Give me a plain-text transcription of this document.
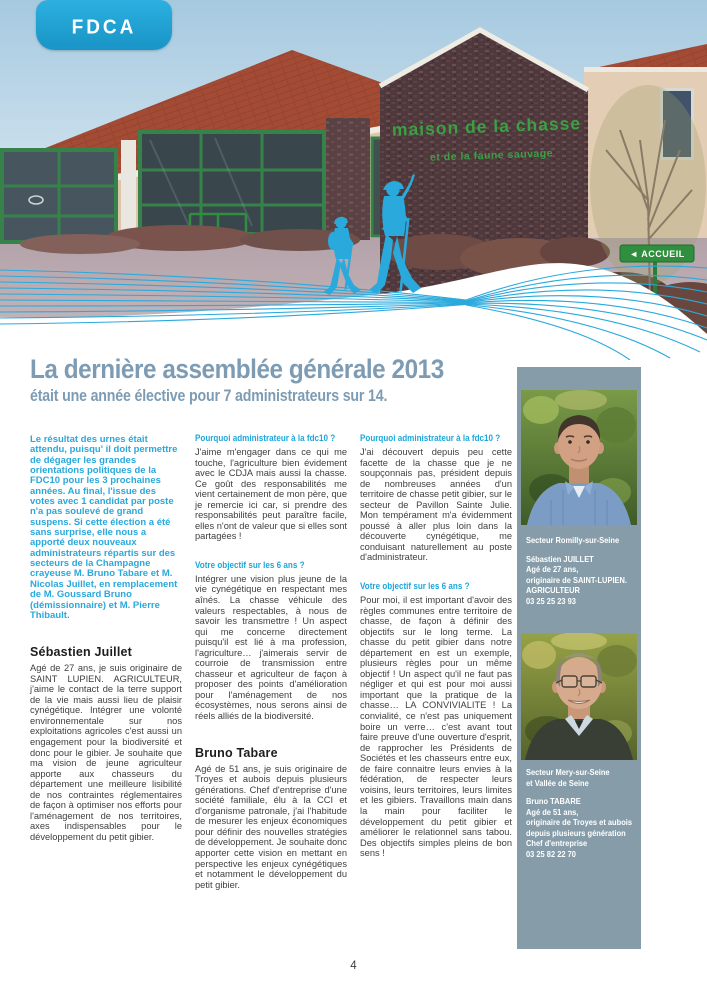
maison de la chasse
et de la faune sauvage
◄ ACCUEIL
FDCA
La dernière assemblée générale 2013
était une année élective pour 7 administrateurs sur 14.

Le résultat des urnes était attendu, puisqu' il doit permettre de dégager les grandes orientations politiques de la FDC10 pour les 3 prochaines années. Au final, l'issue des votes avec 1 candidat par poste n'a pas soulevé de grand suspens. Si cette élection a été sans surprise, elle nous a apporté deux nouveaux administrateurs répartis sur des secteurs de la Champagne crayeuse M. Bruno Tabare et M. Nicolas Juillet, en remplacement de M. Goussard Bruno (démissionnaire) et M. Pierre Thibault.

Sébastien Juillet

Agé de 27 ans, je suis originaire de SAINT LUPIEN. AGRICULTEUR, j'aime le contact de la terre support de la vie mais aussi lieu de plaisir cynégétique. Intégrer une volonté environnementale sur nos exploitations agricoles c'est aussi un engagement pour la biodiversité et donc pour le gibier. Je souhaite que ma vision de jeune agriculteur apporte aux chasseurs du département une meilleure lisibilité de nos contraintes réglementaires de façon à optimiser nos efforts pour l'aménagement de nos territoires, axes indispensables pour le développement du petit gibier.

Pourquoi administrateur à la fdc10 ?

J'aime m'engager dans ce qui me touche, l'agriculture bien évidement avec le CDJA mais aussi la chasse. Ce goût des responsabilités me vient certainement de mon père, que je remercie ici car, si prendre des responsabilités peut paraître facile, elles n'ont de valeur que si elles sont partagées !

Votre objectif sur les 6 ans ?

Intégrer une vision plus jeune de la vie cynégétique en respectant mes aînés. La chasse véhicule des valeurs respectables, à nous de savoir les transmettre ! Un aspect qui me concerne directement puisqu'il est lié à ma profession, l'agriculture… j'aimerais servir de courroie de transmission entre chasseur et agriculteur de façon à proposer des points d'amélioration pour l'aménagement de nos écosystèmes, nous serons ainsi de réels alliés de la biodiversité.

Bruno Tabare

Agé de 51 ans, je suis originaire de Troyes et aubois depuis plusieurs générations. Chef d'entreprise d'une société familiale, élu à la CCI et d'organisme patronale, j'ai l'habitude de mesurer les enjeux économiques pour définir des nouvelles stratégies de développement. Je souhaite donc apporter cette vision en mettant en perspective les enjeux cynégétiques et notamment le développement du petit gibier.

Pourquoi administrateur à la fdc10 ?

J'ai découvert depuis peu cette facette de la chasse que je ne soupçonnais pas, président depuis de nombreuses années d'un territoire de chasse petit gibier, sur le secteur de Pavillon Sainte Julie. Mon tempérament m'a évidemment poussé à aller plus loin dans la découverte cynégétique, me conduisant naturellement au poste d'administrateur.

Votre objectif sur les 6 ans ?

Pour moi, il est important d'avoir des règles communes entre territoire de chasse, de façon à définir des objectifs sur le long terme. La chasse du petit gibier dans notre département en est un exemple, plusieurs règles pour un même objectif ! Un aspect qu'il ne faut pas négliger et qui est pour moi aussi important que la pratique de la chasse… LA CONVIVIALITE ! La convialité, ce n'est pas uniquement boire un verre… c'est avant tout faire preuve d'une ouverture d'esprit, de rapprocher les Présidents de Sociétés et les chasseurs entre eux, de faire connaitre leurs envies à la fédération, de respecter leurs voisins, leurs territoires, leurs limites et les gibiers. Travaillons main dans la main pour faciliter le développement du petit gibier et améliorer le relationnel sans tabou. Des objectifs simples pleins de bon sens !

Secteur Romilly-sur-Seine
Sébastien JUILLET
Agé de 27 ans,
originaire de SAINT-LUPIEN.
AGRICULTEUR
03 25 25 23 93
Secteur Mery-sur-Seine
et Vallée de Seine
Bruno TABARE
Agé de 51 ans,
originaire de Troyes et aubois
depuis plusieurs génération
Chef d'entreprise
03 25 82 22 70
4
